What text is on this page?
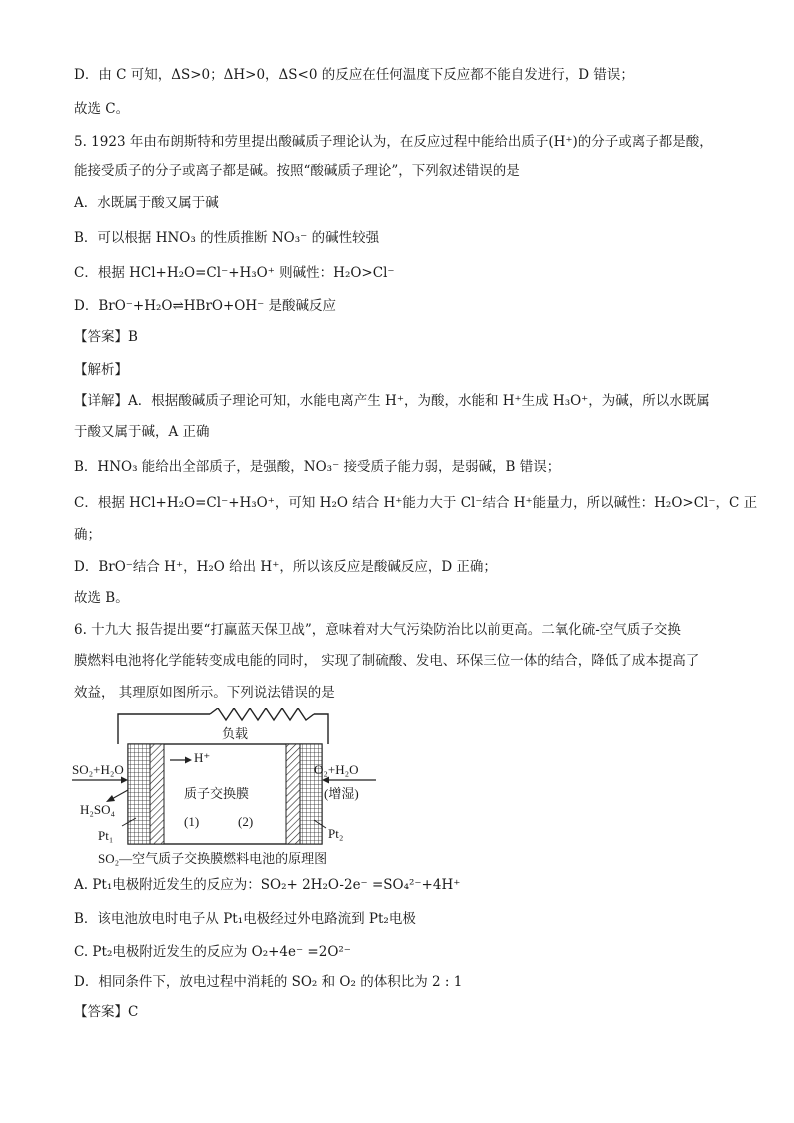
D．由 C 可知，ΔS>0；ΔH>0，ΔS<0 的反应在任何温度下反应都不能自发进行，D 错误；
故选 C。
5. 1923 年由布朗斯特和劳里提出酸碱质子理论认为，在反应过程中能给出质子(H⁺)的分子或离子都是酸，
能接受质子的分子或离子都是碱。按照“酸碱质子理论”，下列叙述错误的是
A．水既属于酸又属于碱
B．可以根据 HNO₃ 的性质推断 NO₃⁻ 的碱性较强
C．根据 HCl+H₂O=Cl⁻+H₃O⁺ 则碱性：H₂O>Cl⁻
D．BrO⁻+H₂O⇌HBrO+OH⁻ 是酸碱反应
【答案】B
【解析】
【详解】A．根据酸碱质子理论可知，水能电离产生 H⁺，为酸，水能和 H⁺生成 H₃O⁺，为碱，所以水既属
于酸又属于碱，A 正确
B．HNO₃ 能给出全部质子，是强酸，NO₃⁻ 接受质子能力弱，是弱碱，B 错误；
C．根据 HCl+H₂O=Cl⁻+H₃O⁺，可知 H₂O 结合 H⁺能力大于 Cl⁻结合 H⁺能量力，所以碱性：H₂O>Cl⁻，C 正
确；
D．BrO⁻结合 H⁺，H₂O 给出 H⁺，所以该反应是酸碱反应，D 正确；
故选 B。
6. 十九大 报告提出要“打赢蓝天保卫战”，意味着对大气污染防治比以前更高。二氧化硫-空气质子交换
膜燃料电池将化学能转变成电能的同时， 实现了制硫酸、发电、环保三位一体的结合，降低了成本提高了
效益， 其理原如图所示。下列说法错误的是
负载
H⁺
质子交换膜
(1)	(2)
SO₂+H₂O
H₂SO₄
Pt₁
O₂+H₂O
(增湿)
Pt₂
SO₂—空气质子交换膜燃料电池的原理图
A. Pt₁电极附近发生的反应为：SO₂+ 2H₂O-2e⁻ =SO₄²⁻+4H⁺
B．该电池放电时电子从 Pt₁电极经过外电路流到 Pt₂电极
C. Pt₂电极附近发生的反应为 O₂+4e⁻ =2O²⁻
D．相同条件下，放电过程中消耗的 SO₂ 和 O₂ 的体积比为 2 : 1
【答案】C
